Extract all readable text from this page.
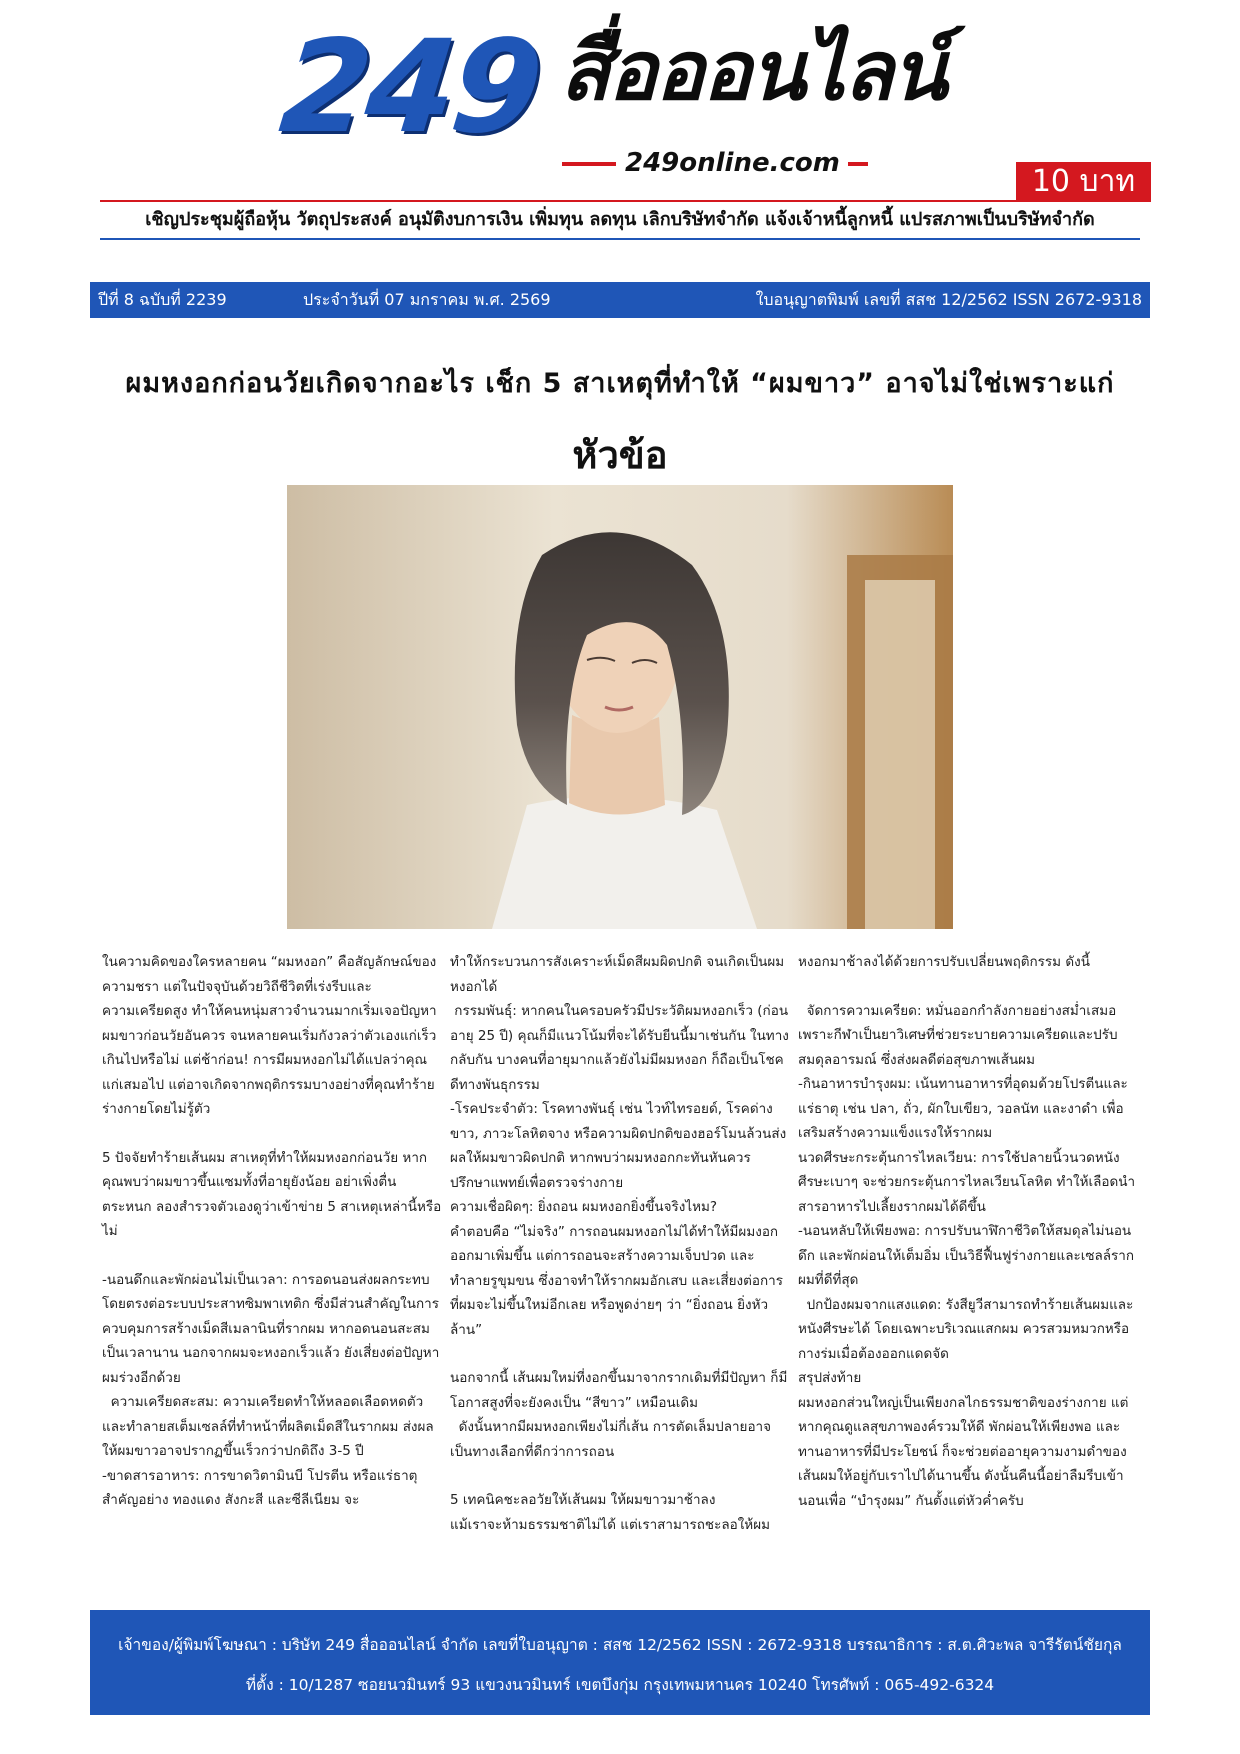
249 สื่อออนไลน์
249online.com
10 บาท
เชิญประชุมผู้ถือหุ้น วัตถุประสงค์ อนุมัติงบการเงิน เพิ่มทุน ลดทุน เลิกบริษัทจำกัด แจ้งเจ้าหนี้ลูกหนี้ แปรสภาพเป็นบริษัทจำกัด
ปีที่ 8 ฉบับที่ 2239	ประจำวันที่ 07 มกราคม พ.ศ. 2569	ใบอนุญาตพิมพ์ เลขที่ สสช 12/2562 ISSN 2672-9318
ผมหงอกก่อนวัยเกิดจากอะไร เช็ก 5 สาเหตุที่ทำให้ “ผมขาว” อาจไม่ใช่เพราะแก่
หัวข้อ

ในความคิดของใครหลายคน “ผมหงอก” คือสัญลักษณ์ของความชรา แต่ในปัจจุบันด้วยวิถีชีวิตที่เร่งรีบและความเครียดสูง ทำให้คนหนุ่มสาวจำนวนมากเริ่มเจอปัญหาผมขาวก่อนวัยอันควร จนหลายคนเริ่มกังวลว่าตัวเองแก่เร็วเกินไปหรือไม่ แต่ช้าก่อน! การมีผมหงอกไม่ได้แปลว่าคุณแก่เสมอไป แต่อาจเกิดจากพฤติกรรมบางอย่างที่คุณทำร้ายร่างกายโดยไม่รู้ตัว

5 ปัจจัยทำร้ายเส้นผม สาเหตุที่ทำให้ผมหงอกก่อนวัย หากคุณพบว่าผมขาวขึ้นแซมทั้งที่อายุยังน้อย อย่าเพิ่งตื่นตระหนก ลองสำรวจตัวเองดูว่าเข้าข่าย 5 สาเหตุเหล่านี้หรือไม่

-นอนดึกและพักผ่อนไม่เป็นเวลา: การอดนอนส่งผลกระทบโดยตรงต่อระบบประสาทซิมพาเทติก ซึ่งมีส่วนสำคัญในการควบคุมการสร้างเม็ดสีเมลานินที่รากผม หากอดนอนสะสมเป็นเวลานาน นอกจากผมจะหงอกเร็วแล้ว ยังเสี่ยงต่อปัญหาผมร่วงอีกด้วย

ความเครียดสะสม: ความเครียดทำให้หลอดเลือดหดตัวและทำลายสเต็มเซลล์ที่ทำหน้าที่ผลิตเม็ดสีในรากผม ส่งผลให้ผมขาวอาจปรากฏขึ้นเร็วกว่าปกติถึง 3-5 ปี

-ขาดสารอาหาร: การขาดวิตามินบี โปรตีน หรือแร่ธาตุสำคัญอย่าง ทองแดง สังกะสี และซีลีเนียม จะ

ทำให้กระบวนการสังเคราะห์เม็ดสีผมผิดปกติ จนเกิดเป็นผมหงอกได้

กรรมพันธุ์: หากคนในครอบครัวมีประวัติผมหงอกเร็ว (ก่อนอายุ 25 ปี) คุณก็มีแนวโน้มที่จะได้รับยีนนี้มาเช่นกัน ในทางกลับกัน บางคนที่อายุมากแล้วยังไม่มีผมหงอก ก็ถือเป็นโชคดีทางพันธุกรรม

-โรคประจำตัว: โรคทางพันธุ์ เช่น ไวท์ไทรอยด์, โรคด่างขาว, ภาวะโลหิตจาง หรือความผิดปกติของฮอร์โมนล้วนส่งผลให้ผมขาวผิดปกติ หากพบว่าผมหงอกกะทันหันควรปรึกษาแพทย์เพื่อตรวจร่างกาย

ความเชื่อผิดๆ: ยิ่งถอน ผมหงอกยิ่งขึ้นจริงไหม?

คำตอบคือ “ไม่จริง” การถอนผมหงอกไม่ได้ทำให้มีผมงอกออกมาเพิ่มขึ้น แต่การถอนจะสร้างความเจ็บปวด และทำลายรูขุมขน ซึ่งอาจทำให้รากผมอักเสบ และเสี่ยงต่อการที่ผมจะไม่ขึ้นใหม่อีกเลย หรือพูดง่ายๆ ว่า “ยิ่งถอน ยิ่งหัวล้าน”

นอกจากนี้ เส้นผมใหม่ที่งอกขึ้นมาจากรากเดิมที่มีปัญหา ก็มีโอกาสสูงที่จะยังคงเป็น “สีขาว” เหมือนเดิม

ดังนั้นหากมีผมหงอกเพียงไม่กี่เส้น การตัดเล็มปลายอาจเป็นทางเลือกที่ดีกว่าการถอน

5 เทคนิคชะลอวัยให้เส้นผม ให้ผมขาวมาช้าลง

แม้เราจะห้ามธรรมชาติไม่ได้ แต่เราสามารถชะลอให้ผม

หงอกมาช้าลงได้ด้วยการปรับเปลี่ยนพฤติกรรม ดังนี้

จัดการความเครียด: หมั่นออกกำลังกายอย่างสม่ำเสมอ เพราะกีฬาเป็นยาวิเศษที่ช่วยระบายความเครียดและปรับสมดุลอารมณ์ ซึ่งส่งผลดีต่อสุขภาพเส้นผม

-กินอาหารบำรุงผม: เน้นทานอาหารที่อุดมด้วยโปรตีนและแร่ธาตุ เช่น ปลา, ถั่ว, ผักใบเขียว, วอลนัท และงาดำ เพื่อเสริมสร้างความแข็งแรงให้รากผม

นวดศีรษะกระตุ้นการไหลเวียน: การใช้ปลายนิ้วนวดหนังศีรษะเบาๆ จะช่วยกระตุ้นการไหลเวียนโลหิต ทำให้เลือดนำสารอาหารไปเลี้ยงรากผมได้ดีขึ้น

-นอนหลับให้เพียงพอ: การปรับนาฬิกาชีวิตให้สมดุลไม่นอนดึก และพักผ่อนให้เต็มอิ่ม เป็นวิธีฟื้นฟูร่างกายและเซลล์รากผมที่ดีที่สุด

ปกป้องผมจากแสงแดด: รังสียูวีสามารถทำร้ายเส้นผมและหนังศีรษะได้ โดยเฉพาะบริเวณแสกผม ควรสวมหมวกหรือกางร่มเมื่อต้องออกแดดจัด

สรุปส่งท้าย

ผมหงอกส่วนใหญ่เป็นเพียงกลไกธรรมชาติของร่างกาย แต่หากคุณดูแลสุขภาพองค์รวมให้ดี พักผ่อนให้เพียงพอ และทานอาหารที่มีประโยชน์ ก็จะช่วยต่ออายุความงามดำของเส้นผมให้อยู่กับเราไปได้นานขึ้น ดังนั้นคืนนี้อย่าลืมรีบเข้านอนเพื่อ “บำรุงผม” กันตั้งแต่หัวค่ำครับ

เจ้าของ/ผู้พิมพ์โฆษณา : บริษัท 249 สื่อออนไลน์ จำกัด เลขที่ใบอนุญาต : สสช 12/2562 ISSN : 2672-9318 บรรณาธิการ : ส.ต.ศิวะพล จารีรัตน์ชัยกุล
ที่ตั้ง : 10/1287 ซอยนวมินทร์ 93 แขวงนวมินทร์ เขตบึงกุ่ม กรุงเทพมหานคร 10240 โทรศัพท์ : 065-492-6324
